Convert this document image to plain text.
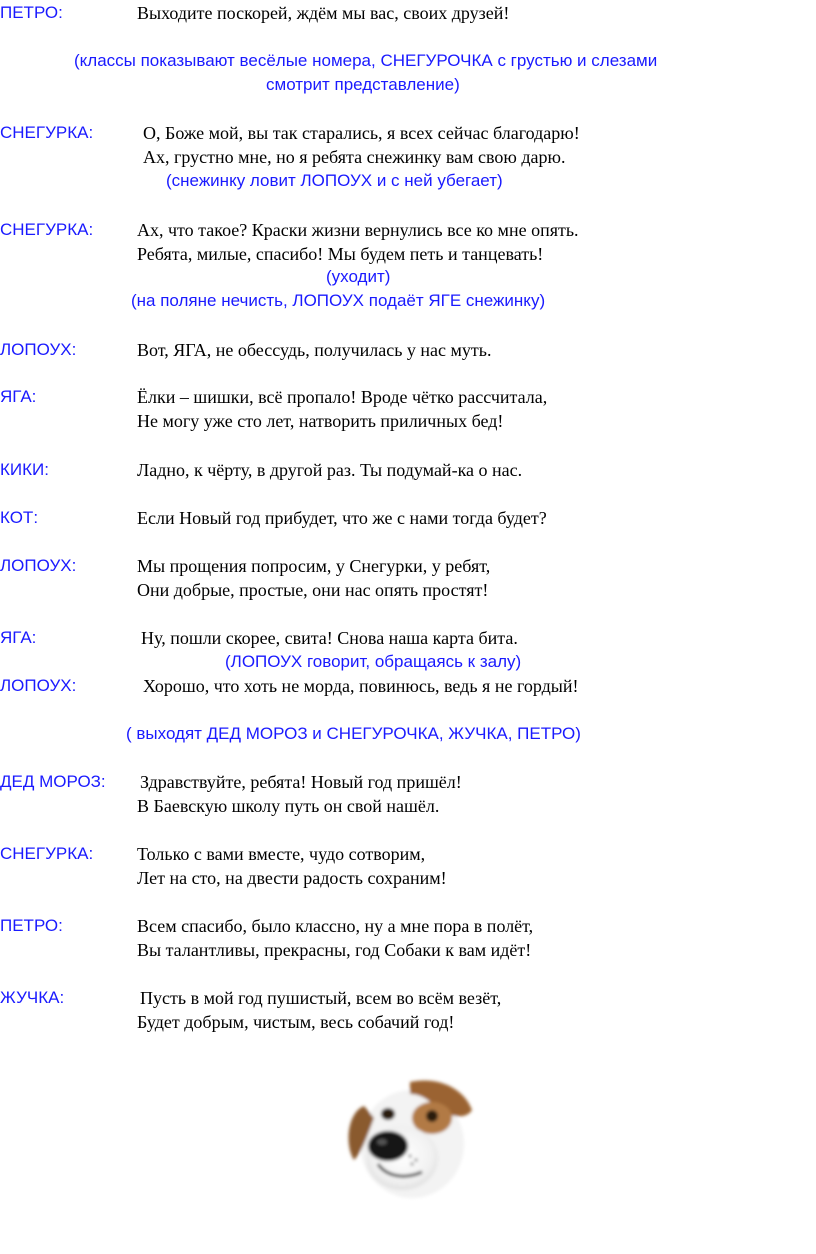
ПЕТРО:	Выходите поскорей, ждём мы вас, своих друзей!
(классы показывают весёлые номера, СНЕГУРОЧКА с грустью и слезами
смотрит представление)
СНЕГУРКА:	О, Боже мой, вы так старались, я всех сейчас благодарю!
Ах, грустно мне, но я ребята снежинку вам свою дарю.
(снежинку ловит ЛОПОУХ и с ней убегает)
СНЕГУРКА: Ах, что такое? Краски жизни вернулись все ко мне опять.
Ребята, милые, спасибо! Мы будем петь и танцевать!
(уходит)
(на поляне нечисть, ЛОПОУХ подаёт ЯГЕ снежинку)
ЛОПОУХ:	Вот, ЯГА, не обессудь, получилась у нас муть.
ЯГА:	Ёлки – шишки, всё пропало! Вроде чётко рассчитала,
Не могу уже сто лет, натворить приличных бед!
КИКИ:	Ладно, к чёрту, в другой раз. Ты подумай-ка о нас.
КОТ:	Если Новый год прибудет, что же с нами тогда будет?
ЛОПОУХ:	Мы прощения попросим, у Снегурки, у ребят,
Они добрые, простые, они нас опять простят!
ЯГА:	Ну, пошли скорее, свита! Снова наша карта бита.
(ЛОПОУХ говорит, обращаясь к залу)
ЛОПОУХ:	Хорошо, что хоть не морда, повинюсь, ведь я не гордый!
( выходят ДЕД МОРОЗ и СНЕГУРОЧКА, ЖУЧКА, ПЕТРО)
ДЕД МОРОЗ: Здравствуйте, ребята! Новый год пришёл!
В Баевскую школу путь он свой нашёл.
СНЕГУРКА: Только с вами вместе, чудо сотворим,
Лет на сто, на двести радость сохраним!
ПЕТРО:	Всем спасибо, было классно, ну а мне пора в полёт,
Вы талантливы, прекрасны, год Собаки к вам идёт!
ЖУЧКА:	Пусть в мой год пушистый, всем во всём везёт,
Будет добрым, чистым, весь собачий год!
